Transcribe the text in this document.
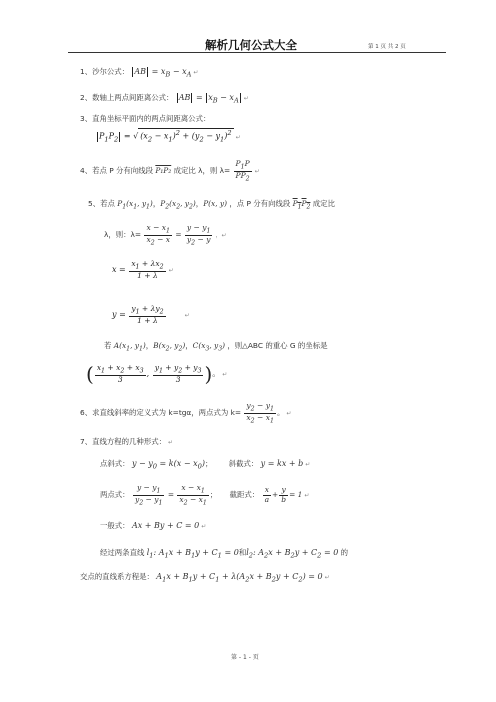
解析几何公式大全	第 1 页 共 2 页
1、沙尔公式： AB = $x_B - x_A$ ↵
2、数轴上两点间距离公式： AB = $x_B - x_A$ ↵
3、直角坐标平面内的两点间距离公式：
$P_1P_2$ = √ $(x_2 - x_1)^2 + (y_2$ − $y_1)^2↵$
4、若点 P 分有向线段 P₁P₂ 成定比 λ，则 $\lambda= \frac{P_1P}{PP_2}$ ↵
5、若点 $P_1(x_1$, $y_1$)，$P_2(x_2$, $y_2$)，P(x, y) ，点 P 分有向线段 $P_1P_2$ 成定比
λ，则：$\lambda= \frac{x - x_1}{x_2 - x} = \frac{y - y_1}{y_2 - y}$ ，↵
$x = \frac{x_1 + \lambda x_2}{1 + \lambda}$ ↵
$y = \frac{y_1 + \lambda y_2}{1 + \lambda}$	↵
若 $A(x_1$, $y_1$)，$B(x_2$, $y_2$)，$C(x_3$, $y_3$) ，则△ABC 的重心 G 的坐标是
( $\frac{x_1 + x_2 + x_3}{3}$ , $\frac{y_1 + y_2 + y_3}{3}$ )。 ↵
6、求直线斜率的定义式为 k=tgα，两点式为 $k= \frac{y_2 - y_1}{x_2 - x_1}$ 。 ↵
7、直线方程的几种形式： ↵
点斜式： $y - y_0 = k(x - x_0)$； 斜截式： y = kx + b ↵
两点式： $\frac{y - y_1}{y_2 - y_1} = \frac{x - x_1}{x_2 - x_1}$ ； 截距式： $\frac{x}{a} + \frac{y}{b} = 1$ ↵
一般式： Ax + By + C = 0 ↵
经过两条直线 $l_1$: $A_1x + B_1y + C_1 = 0$和$l_2$: $A_2x + B_2y + C_2 = 0$ 的
交点的直线系方程是： $A_1x + B_1y + C_1 + \lambda(A_2x + B_2y + C_2) = 0$ ↵
第 - 1 - 页
